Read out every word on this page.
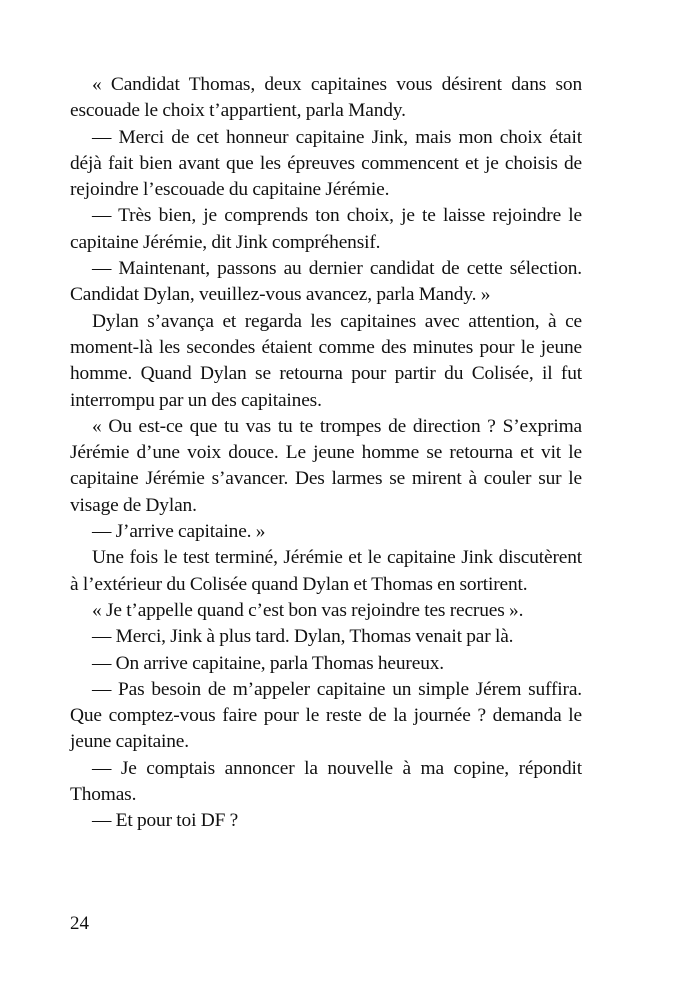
« Candidat Thomas, deux capitaines vous désirent dans son escouade le choix t’appartient, parla Mandy.

— Merci de cet honneur capitaine Jink, mais mon choix était déjà fait bien avant que les épreuves commencent et je choisis de rejoindre l’escouade du capitaine Jérémie.

— Très bien, je comprends ton choix, je te laisse rejoindre le capitaine Jérémie, dit Jink compréhensif.

— Maintenant, passons au dernier candidat de cette sélection. Candidat Dylan, veuillez-vous avancez, parla Mandy. »

Dylan s’avança et regarda les capitaines avec attention, à ce moment-là les secondes étaient comme des minutes pour le jeune homme. Quand Dylan se retourna pour partir du Colisée, il fut interrompu par un des capitaines.

« Ou est-ce que tu vas tu te trompes de direction ? S’exprima Jérémie d’une voix douce. Le jeune homme se retourna et vit le capitaine Jérémie s’avancer. Des larmes se mirent à couler sur le visage de Dylan.

— J’arrive capitaine. »

Une fois le test terminé, Jérémie et le capitaine Jink discutèrent à l’extérieur du Colisée quand Dylan et Thomas en sortirent.

« Je t’appelle quand c’est bon vas rejoindre tes recrues ».

— Merci, Jink à plus tard. Dylan, Thomas venait par là.

— On arrive capitaine, parla Thomas heureux.

— Pas besoin de m’appeler capitaine un simple Jérem suffira. Que comptez-vous faire pour le reste de la journée ? demanda le jeune capitaine.

— Je comptais annoncer la nouvelle à ma copine, répondit Thomas.

— Et pour toi DF ?

24
